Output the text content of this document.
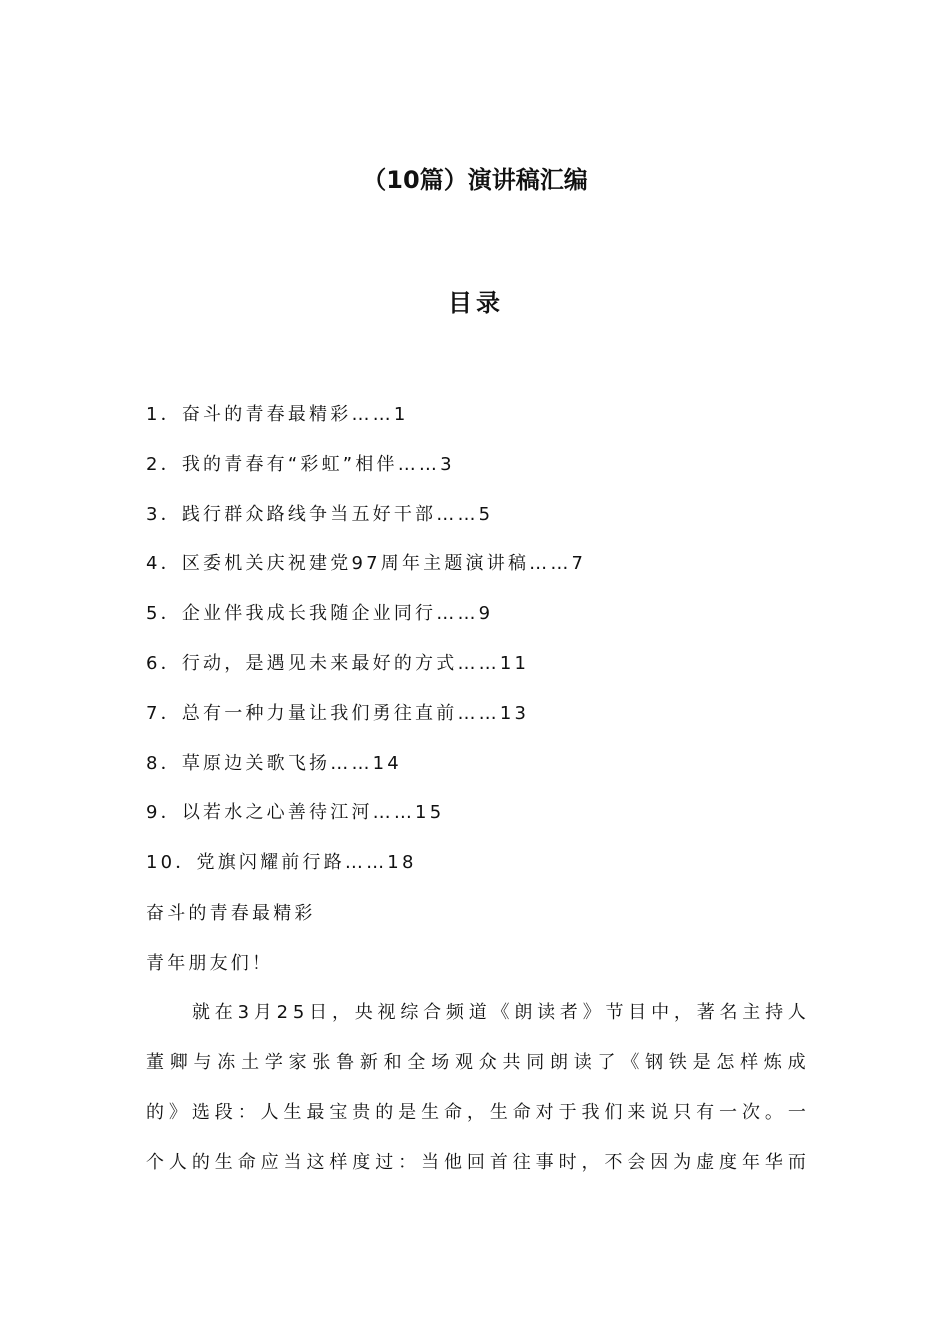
（10篇）演讲稿汇编
目录
1．奋斗的青春最精彩……1
2．我的青春有“彩虹”相伴……3
3．践行群众路线争当五好干部……5
4．区委机关庆祝建党97周年主题演讲稿……7
5．企业伴我成长我随企业同行……9
6．行动，是遇见未来最好的方式……11
7．总有一种力量让我们勇往直前……13
8．草原边关歌飞扬……14
9．以若水之心善待江河……15
10．党旗闪耀前行路……18
奋斗的青春最精彩
青年朋友们！
就 在 3 月 2 5 日 ， 央 视 综 合 频 道 《 朗 读 者 》 节 目 中 ， 著 名 主 持 人
董 卿 与 冻 土 学 家 张 鲁 新 和 全 场 观 众 共 同 朗 读 了 《 钢 铁 是 怎 样 炼 成
的 》 选 段 ： 人 生 最 宝 贵 的 是 生 命 ， 生 命 对 于 我 们 来 说 只 有 一 次 。 一
个 人 的 生 命 应 当 这 样 度 过 ： 当 他 回 首 往 事 时 ， 不 会 因 为 虚 度 年 华 而
